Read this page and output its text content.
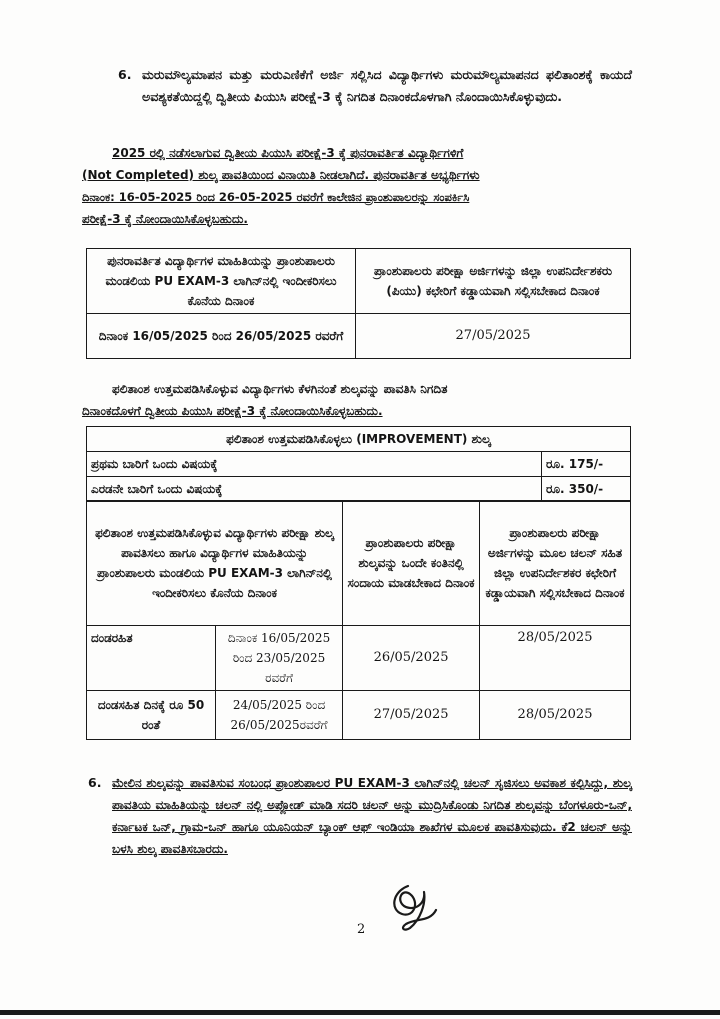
6. ಮರುಮೌಲ್ಯಮಾಪನ ಮತ್ತು ಮರುಎಣಿಕೆಗೆ ಅರ್ಜಿ ಸಲ್ಲಿಸಿದ ವಿದ್ಯಾರ್ಥಿಗಳು ಮರುಮೌಲ್ಯಮಾಪನದ ಫಲಿತಾಂಶಕ್ಕೆ ಕಾಯದೆ ಅವಶ್ಯಕತೆಯಿದ್ದಲ್ಲಿ ದ್ವಿತೀಯ ಪಿಯುಸಿ ಪರೀಕ್ಷೆ-3 ಕ್ಕೆ ನಿಗದಿತ ದಿನಾಂಕದೊಳಗಾಗಿ ನೊಂದಾಯಿಸಿಕೊಳ್ಳುವುದು.
2025 ರಲ್ಲಿ ನಡೆಸಲಾಗುವ ದ್ವಿತೀಯ ಪಿಯುಸಿ ಪರೀಕ್ಷೆ-3 ಕ್ಕೆ ಪುನರಾವರ್ತಿತ ವಿದ್ಯಾರ್ಥಿಗಳಿಗೆ
(Not Completed) ಶುಲ್ಕ ಪಾವತಿಯಿಂದ ವಿನಾಯಿತಿ ನೀಡಲಾಗಿದೆ. ಪುನರಾವರ್ತಿತ ಅಭ್ಯರ್ಥಿಗಳು
ದಿನಾಂಕ: 16-05-2025 ರಿಂದ 26-05-2025 ರವರೆಗೆ ಕಾಲೇಜಿನ ಪ್ರಾಂಶುಪಾಲರನ್ನು ಸಂಪರ್ಕಿಸಿ
ಪರೀಕ್ಷೆ-3 ಕ್ಕೆ ನೋಂದಾಯಿಸಿಕೊಳ್ಳಬಹುದು.
ಪುನರಾವರ್ತಿತ ವಿದ್ಯಾರ್ಥಿಗಳ ಮಾಹಿತಿಯನ್ನು ಪ್ರಾಂಶುಪಾಲರು ಮಂಡಲಿಯ PU EXAM-3 ಲಾಗಿನ್‌ನಲ್ಲಿ ಇಂದೀಕರಿಸಲು ಕೊನೆಯ ದಿನಾಂಕ	ಪ್ರಾಂಶುಪಾಲರು ಪರೀಕ್ಷಾ ಅರ್ಜಿಗಳನ್ನು ಜಿಲ್ಲಾ ಉಪನಿರ್ದೇಶಕರು (ಪಿಯು) ಕಛೇರಿಗೆ ಕಡ್ಡಾಯವಾಗಿ ಸಲ್ಲಿಸಬೇಕಾದ ದಿನಾಂಕ
ದಿನಾಂಕ 16/05/2025 ರಿಂದ 26/05/2025 ರವರೆಗೆ	27/05/2025
ಫಲಿತಾಂಶ ಉತ್ತಮಪಡಿಸಿಕೊಳ್ಳುವ ವಿದ್ಯಾರ್ಥಿಗಳು ಕೆಳಗಿನಂತೆ ಶುಲ್ಕವನ್ನು ಪಾವತಿಸಿ ನಿಗದಿತ
ದಿನಾಂಕದೊಳಗೆ ದ್ವಿತೀಯ ಪಿಯುಸಿ ಪರೀಕ್ಷೆ-3 ಕ್ಕೆ ನೋಂದಾಯಿಸಿಕೊಳ್ಳಬಹುದು.
ಫಲಿತಾಂಶ ಉತ್ತಮಪಡಿಸಿಕೊಳ್ಳಲು (IMPROVEMENT) ಶುಲ್ಕ	
ಪ್ರಥಮ ಬಾರಿಗೆ ಒಂದು ವಿಷಯಕ್ಕೆ	ರೂ. 175/-
ಎರಡನೇ ಬಾರಿಗೆ ಒಂದು ವಿಷಯಕ್ಕೆ	ರೂ. 350/-
ಫಲಿತಾಂಶ ಉತ್ತಮಪಡಿಸಿಕೊಳ್ಳುವ ವಿದ್ಯಾರ್ಥಿಗಳು ಪರೀಕ್ಷಾ ಶುಲ್ಕ ಪಾವತಿಸಲು ಹಾಗೂ ವಿದ್ಯಾರ್ಥಿಗಳ ಮಾಹಿತಿಯನ್ನು ಪ್ರಾಂಶುಪಾಲರು ಮಂಡಲಿಯ PU EXAM-3 ಲಾಗಿನ್‌ನಲ್ಲಿ ಇಂದೀಕರಿಸಲು ಕೊನೆಯ ದಿನಾಂಕ		ಪ್ರಾಂಶುಪಾಲರು ಪರೀಕ್ಷಾ ಶುಲ್ಕವನ್ನು ಒಂದೇ ಕಂತಿನಲ್ಲಿ ಸಂದಾಯ ಮಾಡಬೇಕಾದ ದಿನಾಂಕ	ಪ್ರಾಂಶುಪಾಲರು ಪರೀಕ್ಷಾ ಅರ್ಜಿಗಳನ್ನು ಮೂಲ ಚಲನ್ ಸಹಿತ ಜಿಲ್ಲಾ ಉಪನಿರ್ದೇಶಕರ ಕಛೇರಿಗೆ ಕಡ್ಡಾಯವಾಗಿ ಸಲ್ಲಿಸಬೇಕಾದ ದಿನಾಂಕ
ದಂಡರಹಿತ	ದಿನಾಂಕ 16/05/2025 ರಿಂದ 23/05/2025 ರವರೆಗೆ	26/05/2025	28/05/2025
ದಂಡಸಹಿತ ದಿನಕ್ಕೆ ರೂ 50 ರಂತೆ	24/05/2025 ರಿಂದ 26/05/2025ರವರೆಗೆ	27/05/2025	28/05/2025
6. ಮೇಲಿನ ಶುಲ್ಕವನ್ನು ಪಾವತಿಸುವ ಸಂಬಂಧ ಪ್ರಾಂಶುಪಾಲರ PU EXAM-3 ಲಾಗಿನ್‌ನಲ್ಲಿ ಚಲನ್ ಸೃಜಿಸಲು ಅವಕಾಶ ಕಲ್ಪಿಸಿದ್ದು, ಶುಲ್ಕ ಪಾವತಿಯ ಮಾಹಿತಿಯನ್ನು ಚಲನ್ ನಲ್ಲಿ ಅಪ್ಲೋಡ್ ಮಾಡಿ ಸದರಿ ಚಲನ್ ಅನ್ನು ಮುದ್ರಿಸಿಕೊಂಡು ನಿಗದಿತ ಶುಲ್ಕವನ್ನು ಬೆಂಗಳೂರು-ಒನ್, ಕರ್ನಾಟಕ ಒನ್, ಗ್ರಾಮ-ಒನ್ ಹಾಗೂ ಯೂನಿಯನ್ ಬ್ಯಾಂಕ್ ಆಫ್ ಇಂಡಿಯಾ ಶಾಖೆಗಳ ಮೂಲಕ ಪಾವತಿಸುವುದು. ಕೆ2 ಚಲನ್ ಅನ್ನು ಬಳಸಿ ಶುಲ್ಕ ಪಾವತಿಸಬಾರದು.
2
